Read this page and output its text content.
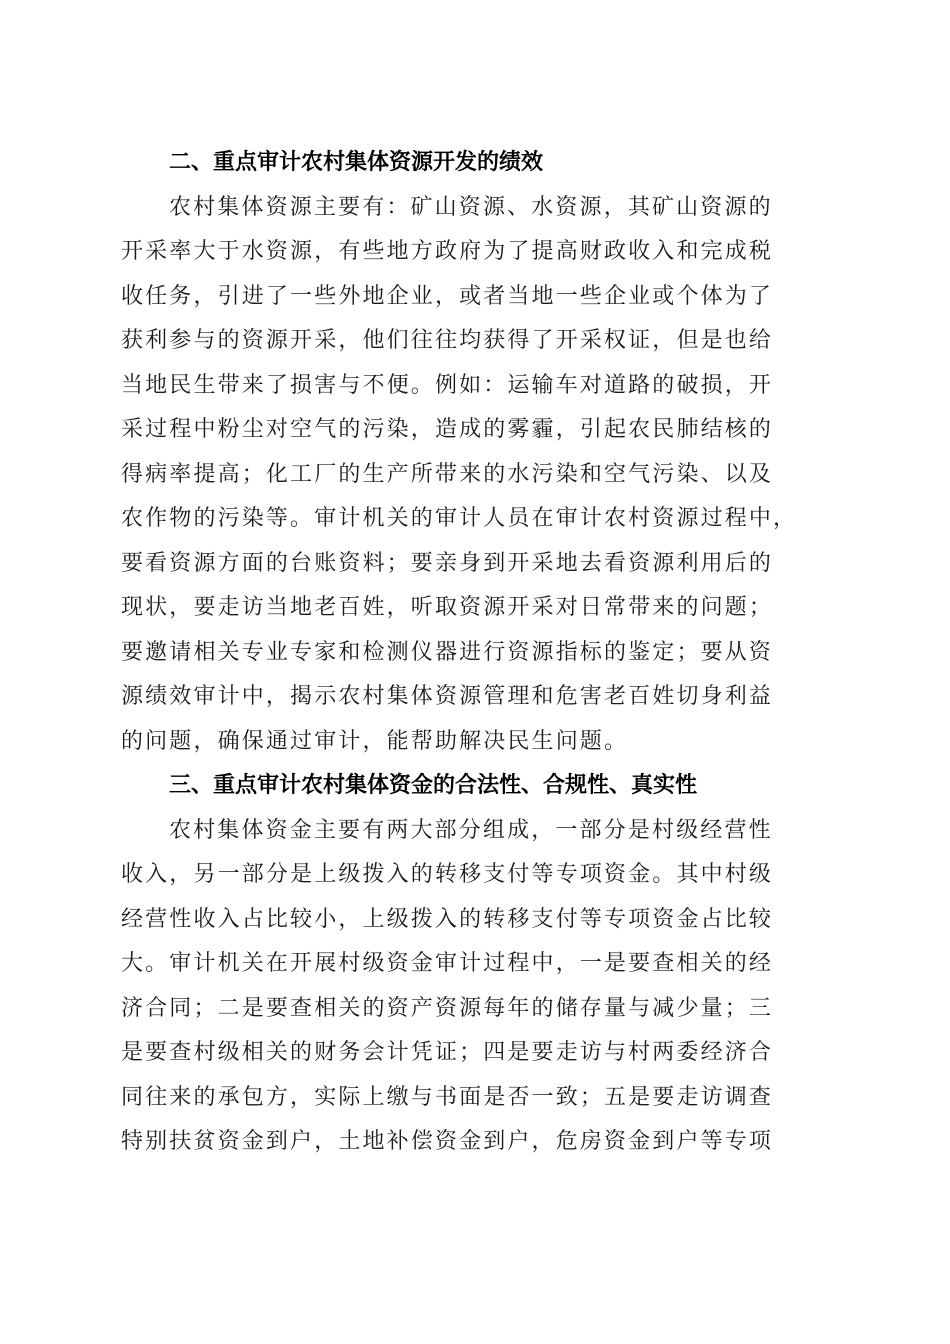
二、重点审计农村集体资源开发的绩效
农村集体资源主要有：矿山资源、水资源，其矿山资源的
开采率大于水资源，有些地方政府为了提高财政收入和完成税
收任务，引进了一些外地企业，或者当地一些企业或个体为了
获利参与的资源开采，他们往往均获得了开采权证，但是也给
当地民生带来了损害与不便。例如：运输车对道路的破损，开
采过程中粉尘对空气的污染，造成的雾霾，引起农民肺结核的
得病率提高；化工厂的生产所带来的水污染和空气污染、以及
农作物的污染等。审计机关的审计人员在审计农村资源过程中，
要看资源方面的台账资料；要亲身到开采地去看资源利用后的
现状，要走访当地老百姓，听取资源开采对日常带来的问题；
要邀请相关专业专家和检测仪器进行资源指标的鉴定；要从资
源绩效审计中，揭示农村集体资源管理和危害老百姓切身利益
的问题，确保通过审计，能帮助解决民生问题。
三、重点审计农村集体资金的合法性、合规性、真实性
农村集体资金主要有两大部分组成，一部分是村级经营性
收入，另一部分是上级拨入的转移支付等专项资金。其中村级
经营性收入占比较小，上级拨入的转移支付等专项资金占比较
大。审计机关在开展村级资金审计过程中，一是要查相关的经
济合同；二是要查相关的资产资源每年的储存量与减少量；三
是要查村级相关的财务会计凭证；四是要走访与村两委经济合
同往来的承包方，实际上缴与书面是否一致；五是要走访调查
特别扶贫资金到户，土地补偿资金到户，危房资金到户等专项
